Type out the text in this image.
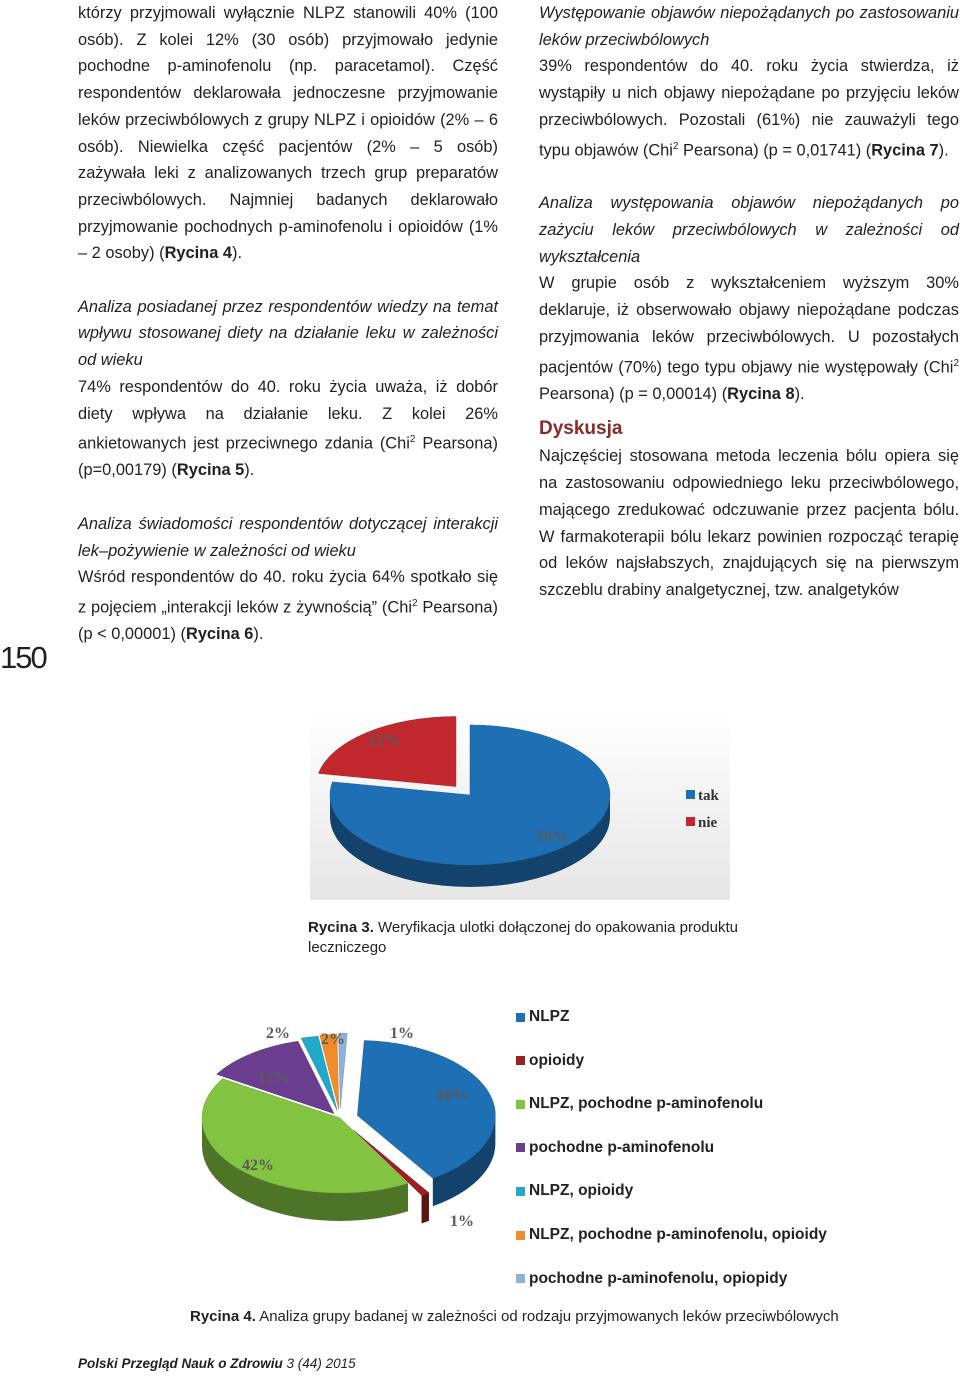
którzy przyjmowali wyłącznie NLPZ stanowili 40% (100 osób). Z kolei 12% (30 osób) przyjmowało jedynie pochodne p-aminofenolu (np. paracetamol). Część respondentów deklarowała jednoczesne przyjmowanie leków przeciwbólowych z grupy NLPZ i opioidów (2% – 6 osób). Niewielka część pacjentów (2% – 5 osób) zażywała leki z analizowanych trzech grup preparatów przeciwbólowych. Najmniej badanych deklarowało przyjmowanie pochodnych p-aminofenolu i opioidów (1% – 2 osoby) (Rycina 4).

Analiza posiadanej przez respondentów wiedzy na temat wpływu stosowanej diety na działanie leku w zależności od wieku

74% respondentów do 40. roku życia uważa, iż dobór diety wpływa na działanie leku. Z kolei 26% ankietowanych jest przeciwnego zdania (Chi$^2$ Pearsona) (p=0,00179) (Rycina 5).

Analiza świadomości respondentów dotyczącej interakcji lek–pożywienie w zależności od wieku

Wśród respondentów do 40. roku życia 64% spotkało się z pojęciem „interakcji leków z żywnością” (Chi$^2$ Pearsona) (p < 0,00001) (Rycina 6).

Występowanie objawów niepożądanych po zastosowaniu leków przeciwbólowych

39% respondentów do 40. roku życia stwierdza, iż wystąpiły u nich objawy niepożądane po przyjęciu leków przeciwbólowych. Pozostali (61%) nie zauważyli tego typu objawów (Chi$^2$ Pearsona) (p = 0,01741) (Rycina 7).

Analiza występowania objawów niepożądanych po zażyciu leków przeciwbólowych w zależności od wykształcenia

W grupie osób z wykształceniem wyższym 30% deklaruje, iż obserwowało objawy niepożądane podczas przyjmowania leków przeciwbólowych. U pozostałych pacjentów (70%) tego typu objawy nie występowały (Chi$^2$ Pearsona) (p = 0,00014) (Rycina 8).

Dyskusja

Najczęściej stosowana metoda leczenia bólu opiera się na zastosowaniu odpowiedniego leku przeciwbólowego, mającego zredukować odczuwanie przez pacjenta bólu. W farmakoterapii bólu lekarz powinien rozpocząć terapię od leków najsłabszych, znajdujących się na pierwszym szczeblu drabiny analgetycznej, tzw. analgetyków

150
78%
22%
tak
nie
Rycina 3. Weryfikacja ulotki dołączonej do opakowania produktu leczniczego
40%
1%
42%
12%
2% 2%	1%
NLPZ
opioidy
NLPZ, pochodne p-aminofenolu
pochodne p-aminofenolu
NLPZ, opioidy
NLPZ, pochodne p-aminofenolu, opioidy
pochodne p-aminofenolu, opiopidy
Rycina 4. Analiza grupy badanej w zależności od rodzaju przyjmowanych leków przeciwbólowych
Polski Przegląd Nauk o Zdrowiu 3 (44) 2015
